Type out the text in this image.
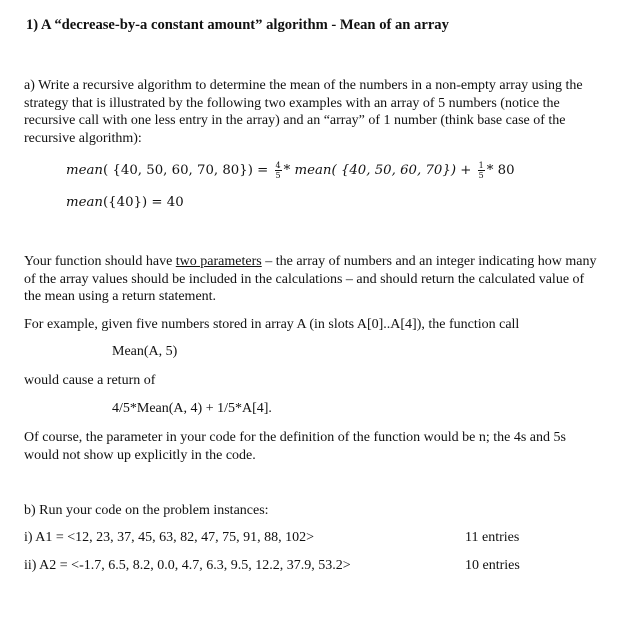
1) A “decrease-by-a constant amount” algorithm - Mean of an array
a) Write a recursive algorithm to determine the mean of the numbers in a non-empty array using the strategy that is illustrated by the following two examples with an array of 5 numbers (notice the recursive call with one less entry in the array) and an “array” of 1 number (think base case of the recursive algorithm):
mean( {40, 50, 60, 70, $80\}) = \frac{4}{5}$ * mean( {40, 50, 60, $70\}) + \frac{1}{5} * 80$
mean({40}) = 40
Your function should have two parameters – the array of numbers and an integer indicating how many of the array values should be included in the calculations – and should return the calculated value of the mean using a return statement.
For example, given five numbers stored in array A (in slots A[0]..A[4]), the function call
Mean(A, 5)
would cause a return of
4/5*Mean(A, 4) + 1/5*A[4].
Of course, the parameter in your code for the definition of the function would be n; the 4s and 5s would not show up explicitly in the code.
b) Run your code on the problem instances:
i) A1 = <12, 23, 37, 45, 63, 82, 47, 75, 91, 88, 102>	11 entries
ii) A2 = <-1.7, 6.5, 8.2, 0.0, 4.7, 6.3, 9.5, 12.2, 37.9, 53.2>	10 entries
